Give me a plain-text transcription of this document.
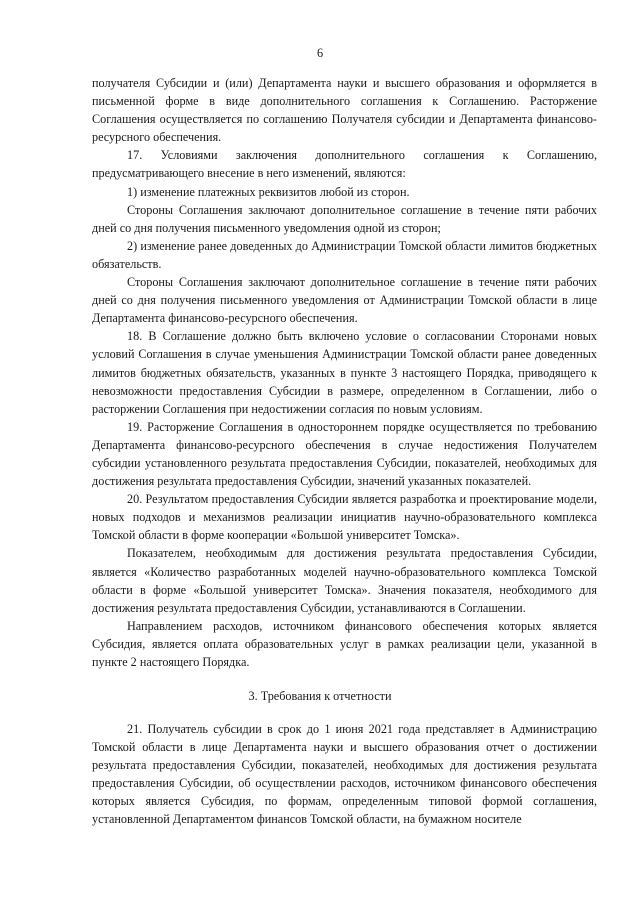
6

получателя Субсидии и (или) Департамента науки и высшего образования и оформляется в письменной форме в виде дополнительного соглашения к Соглашению. Расторжение Соглашения осуществляется по соглашению Получателя субсидии и Департамента финансово-ресурсного обеспечения.

17. Условиями заключения дополнительного соглашения к Соглашению, предусматривающего внесение в него изменений, являются:

1) изменение платежных реквизитов любой из сторон.

Стороны Соглашения заключают дополнительное соглашение в течение пяти рабочих дней со дня получения письменного уведомления одной из сторон;

2) изменение ранее доведенных до Администрации Томской области лимитов бюджетных обязательств.

Стороны Соглашения заключают дополнительное соглашение в течение пяти рабочих дней со дня получения письменного уведомления от Администрации Томской области в лице Департамента финансово-ресурсного обеспечения.

18. В Соглашение должно быть включено условие о согласовании Сторонами новых условий Соглашения в случае уменьшения Администрации Томской области ранее доведенных лимитов бюджетных обязательств, указанных в пункте 3 настоящего Порядка, приводящего к невозможности предоставления Субсидии в размере, определенном в Соглашении, либо о расторжении Соглашения при недостижении согласия по новым условиям.

19. Расторжение Соглашения в одностороннем порядке осуществляется по требованию Департамента финансово-ресурсного обеспечения в случае недостижения Получателем субсидии установленного результата предоставления Субсидии, показателей, необходимых для достижения результата предоставления Субсидии, значений указанных показателей.

20. Результатом предоставления Субсидии является разработка и проектирование модели, новых подходов и механизмов реализации инициатив научно-образовательного комплекса Томской области в форме кооперации «Большой университет Томска».

Показателем, необходимым для достижения результата предоставления Субсидии, является «Количество разработанных моделей научно-образовательного комплекса Томской области в форме «Большой университет Томска». Значения показателя, необходимого для достижения результата предоставления Субсидии, устанавливаются в Соглашении.

Направлением расходов, источником финансового обеспечения которых является Субсидия, является оплата образовательных услуг в рамках реализации цели, указанной в пункте 2 настоящего Порядка.

3. Требования к отчетности

21. Получатель субсидии в срок до 1 июня 2021 года представляет в Администрацию Томской области в лице Департамента науки и высшего образования отчет о достижении результата предоставления Субсидии, показателей, необходимых для достижения результата предоставления Субсидии, об осуществлении расходов, источником финансового обеспечения которых является Субсидия, по формам, определенным типовой формой соглашения, установленной Департаментом финансов Томской области, на бумажном носителе
